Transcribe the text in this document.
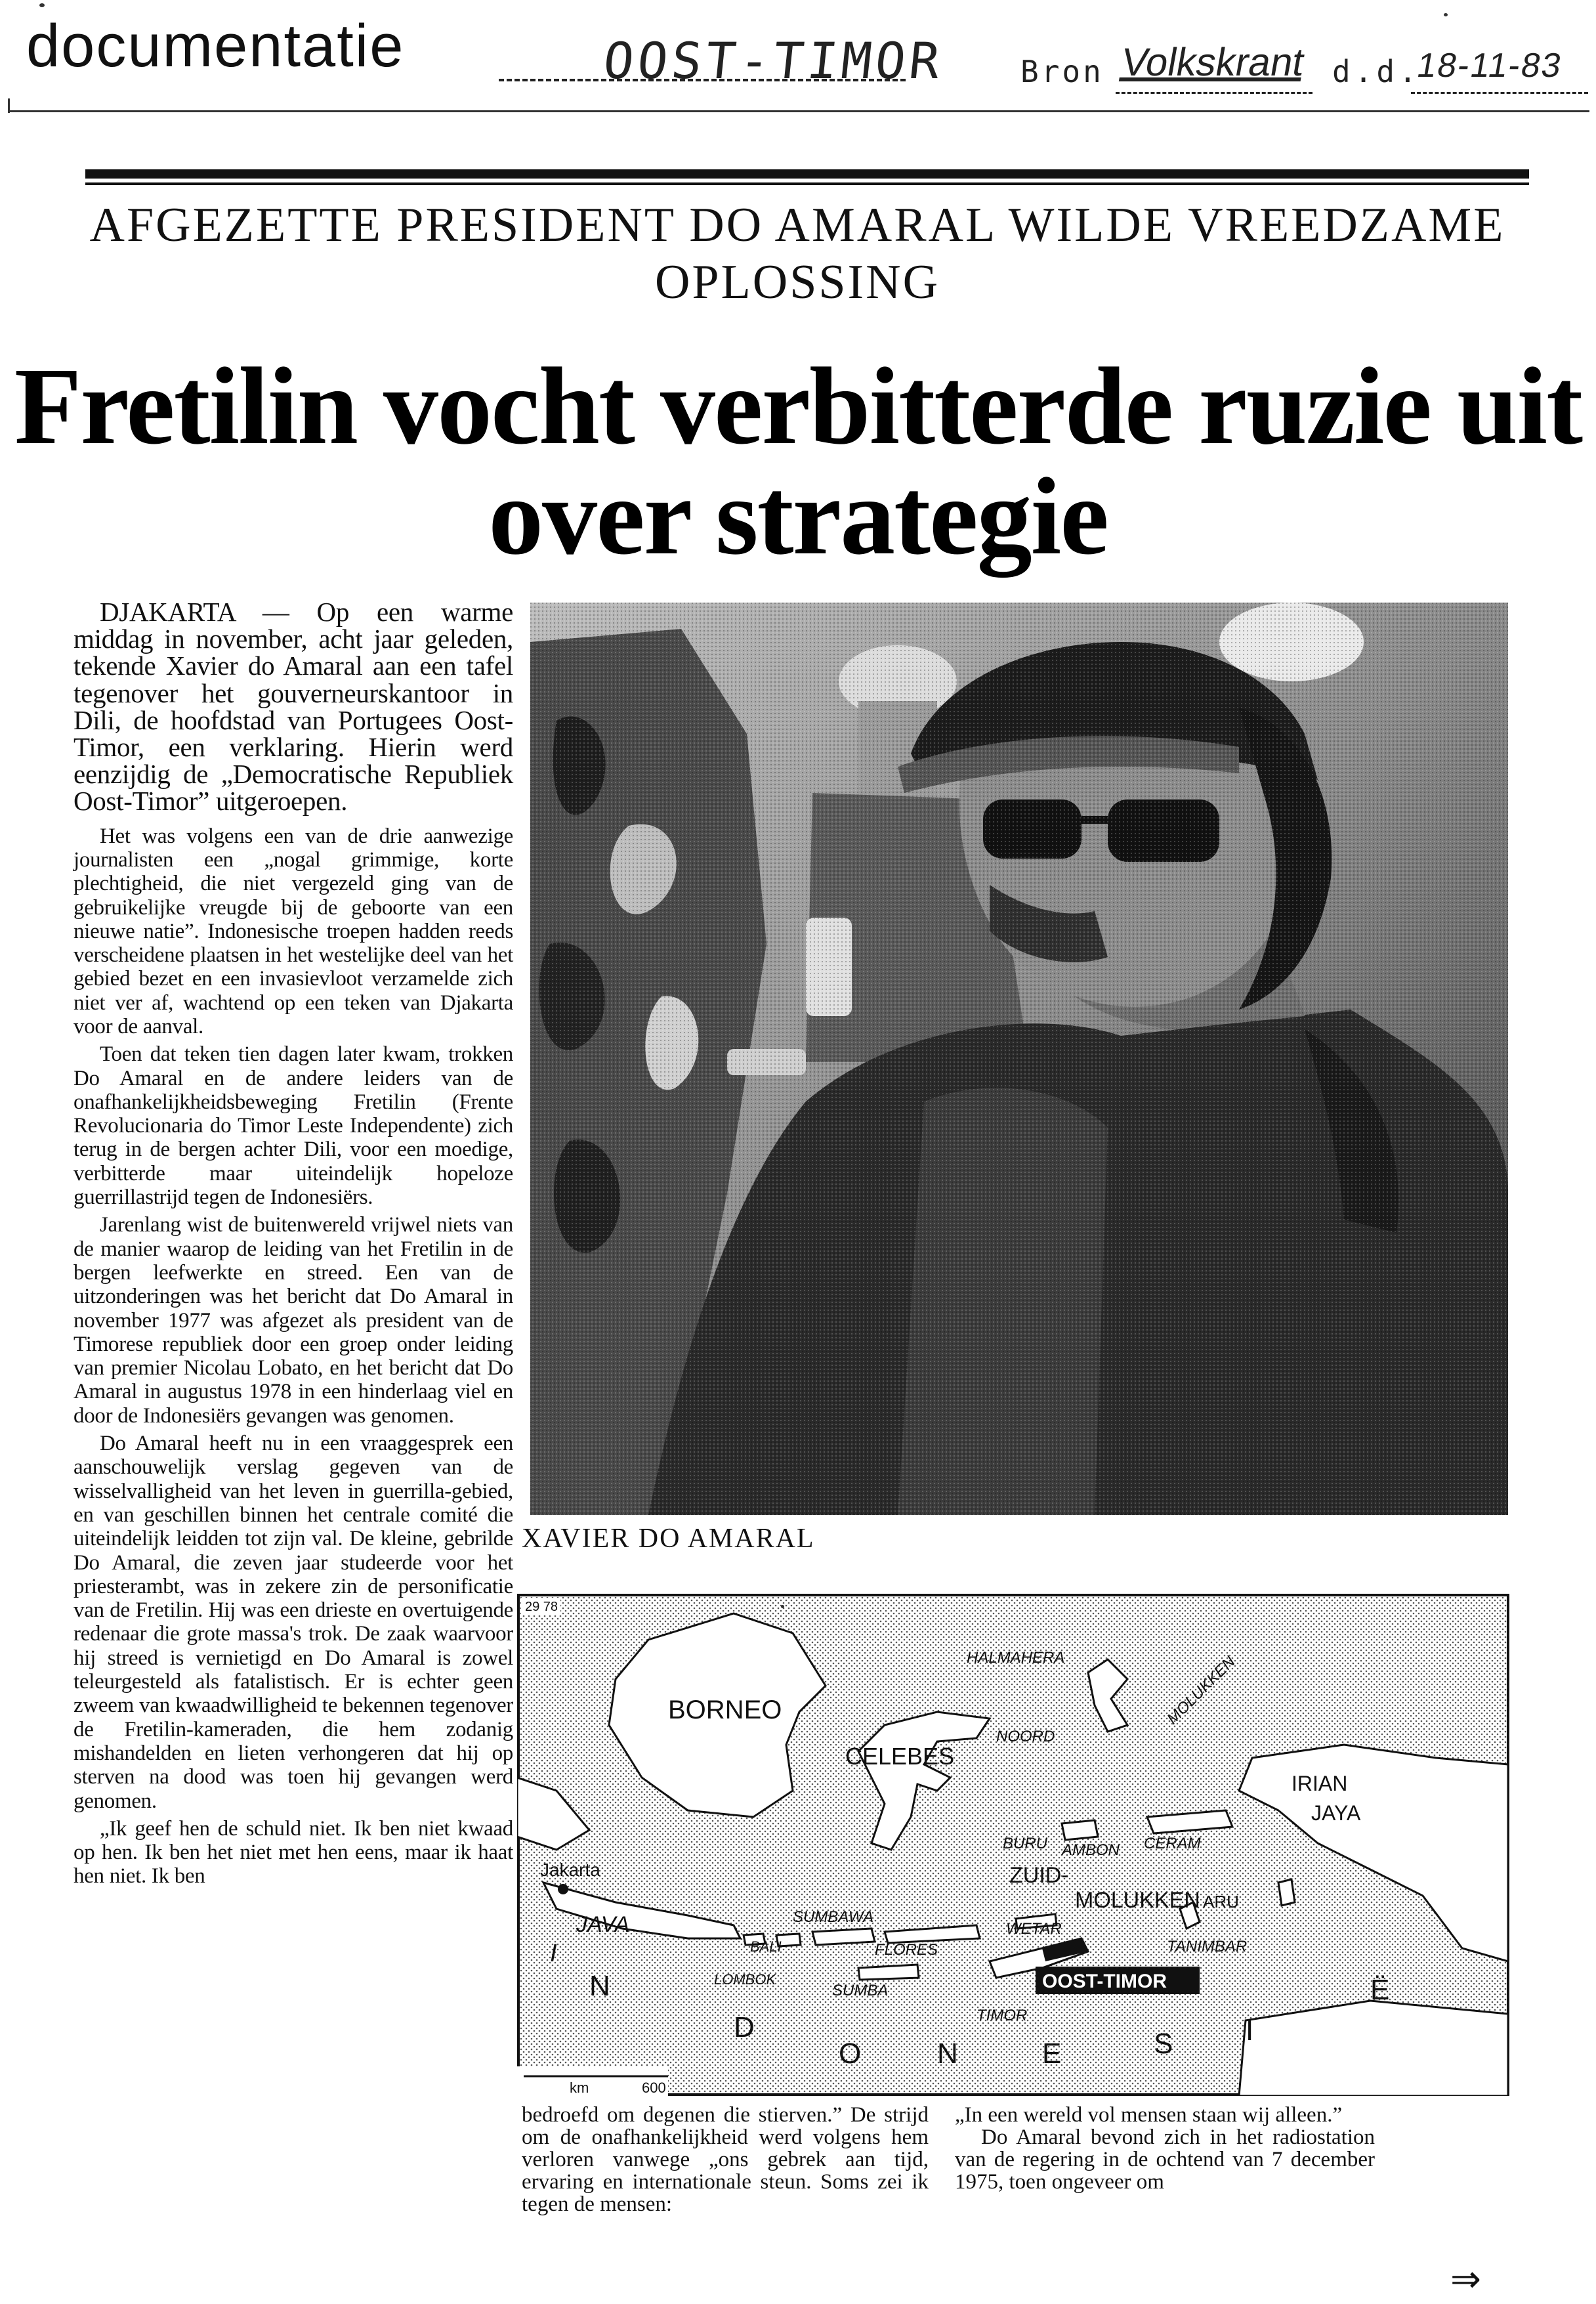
documentatie	OOST-TIMOR Bron Volkskrant d.d.
18-11-83
AFGEZETTE PRESIDENT DO AMARAL WILDE VREEDZAME OPLOSSING
Fretilin vocht verbitterde ruzie uit
over strategie

DJAKARTA — Op een warme middag in november, acht jaar geleden, tekende Xavier do Amaral aan een tafel tegenover het gouverneurskantoor in Dili, de hoofdstad van Portugees Oost-Timor, een verklaring. Hierin werd eenzijdig de „Democratische Republiek Oost-Timor” uitgeroepen.

Het was volgens een van de drie aanwezige journalisten een „nogal grimmige, korte plechtigheid, die niet vergezeld ging van de gebruikelijke vreugde bij de geboorte van een nieuwe natie”. Indonesische troepen hadden reeds verscheidene plaatsen in het westelijke deel van het gebied bezet en een invasievloot verzamelde zich niet ver af, wachtend op een teken van Djakarta voor de aanval.

Toen dat teken tien dagen later kwam, trokken Do Amaral en de andere leiders van de onafhankelijkheidsbeweging Fretilin (Frente Revolucionaria do Timor Leste Independente) zich terug in de bergen achter Dili, voor een moedige, verbitterde maar uiteindelijk hopeloze guerrillastrijd tegen de Indonesiërs.

Jarenlang wist de buitenwereld vrijwel niets van de manier waarop de leiding van het Fretilin in de bergen leefwerkte en streed. Een van de uitzonderingen was het bericht dat Do Amaral in november 1977 was afgezet als president van de Timorese republiek door een groep onder leiding van premier Nicolau Lobato, en het bericht dat Do Amaral in augustus 1978 in een hinderlaag viel en door de Indonesiërs gevangen was genomen.

Do Amaral heeft nu in een vraaggesprek een aanschouwelijk verslag gegeven van de wisselvalligheid van het leven in guerrilla-gebied, en van geschillen binnen het centrale comité die uiteindelijk leidden tot zijn val. De kleine, gebrilde Do Amaral, die zeven jaar studeerde voor het priesterambt, was in zekere zin de personificatie van de Fretilin. Hij was een drieste en overtuigende redenaar die grote massa's trok. De zaak waarvoor hij streed is vernietigd en Do Amaral is zowel teleurgesteld als fatalistisch. Er is echter geen zweem van kwaadwilligheid te bekennen tegenover de Fretilin-kameraden, die hem zodanig mishandelden en lieten verhongeren dat hij op sterven na dood was toen hij gevangen werd genomen.

„Ik geef hen de schuld niet. Ik ben niet kwaad op hen. Ik ben het niet met hen eens, maar ik haat hen niet. Ik ben

XAVIER DO AMARAL
29 78
HALMAHERA
BORNEO
CELEBES
NOORD
MOLUKKEN
IRIAN
JAYA
Jakarta
BURU AMBON CERAM
ZUID-
MOLUKKEN ARU
JAVA	SUMBAWA
WETAR
BALI	FLORES	TANIMBAR
LOMBOK
SUMBA
TIMOR
OOST-TIMOR
I
N
D
O	N	E	S	I
Ë
km	600

bedroefd om degenen die stierven.” De strijd om de onafhankelijkheid werd volgens hem verloren vanwege „ons gebrek aan tijd, ervaring en internationale steun. Soms zei ik tegen de mensen:

„In een wereld vol mensen staan wij alleen.”

Do Amaral bevond zich in het radiostation van de regering in de ochtend van 7 december 1975, toen ongeveer om

⇒
